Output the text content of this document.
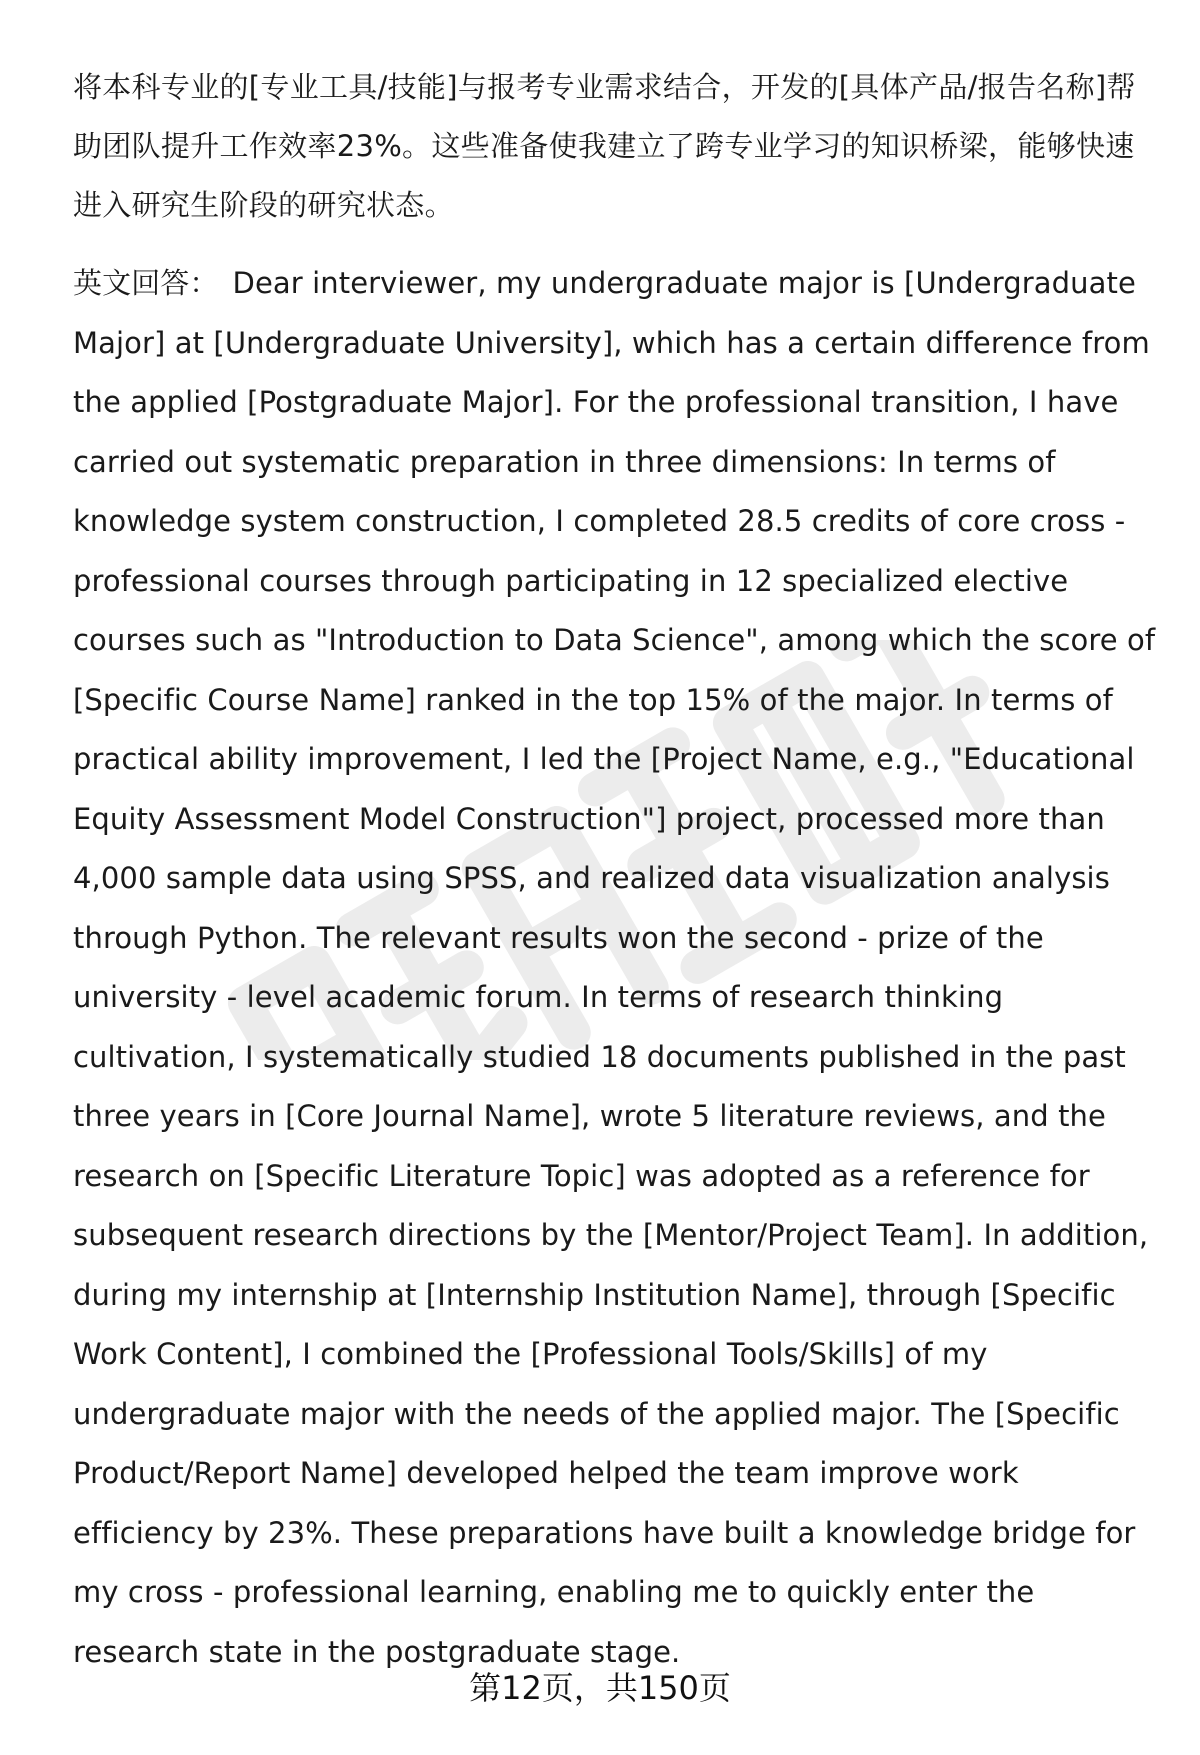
将本科专业的[专业工具/技能]与报考专业需求结合，开发的[具体产品/报告名称]帮助团队提升工作效率23%。这些准备使我建立了跨专业学习的知识桥梁，能够快速进入研究生阶段的研究状态。

英文回答： Dear interviewer, my undergraduate major is [Undergraduate Major] at [Undergraduate University], which has a certain difference from the applied [Postgraduate Major]. For the professional transition, I have carried out systematic preparation in three dimensions: In terms of knowledge system construction, I completed 28.5 credits of core cross - professional courses through participating in 12 specialized elective courses such as "Introduction to Data Science", among which the score of [Specific Course Name] ranked in the top 15% of the major. In terms of practical ability improvement, I led the [Project Name, e.g., "Educational Equity Assessment Model Construction"] project, processed more than 4,000 sample data using SPSS, and realized data visualization analysis through Python. The relevant results won the second - prize of the university - level academic forum. In terms of research thinking cultivation, I systematically studied 18 documents published in the past three years in [Core Journal Name], wrote 5 literature reviews, and the research on [Specific Literature Topic] was adopted as a reference for subsequent research directions by the [Mentor/Project Team]. In addition, during my internship at [Internship Institution Name], through [Specific Work Content], I combined the [Professional Tools/Skills] of my undergraduate major with the needs of the applied major. The [Specific Product/Report Name] developed helped the team improve work efficiency by 23%. These preparations have built a knowledge bridge for my cross - professional learning, enabling me to quickly enter the research state in the postgraduate stage.

第12页，共150页
